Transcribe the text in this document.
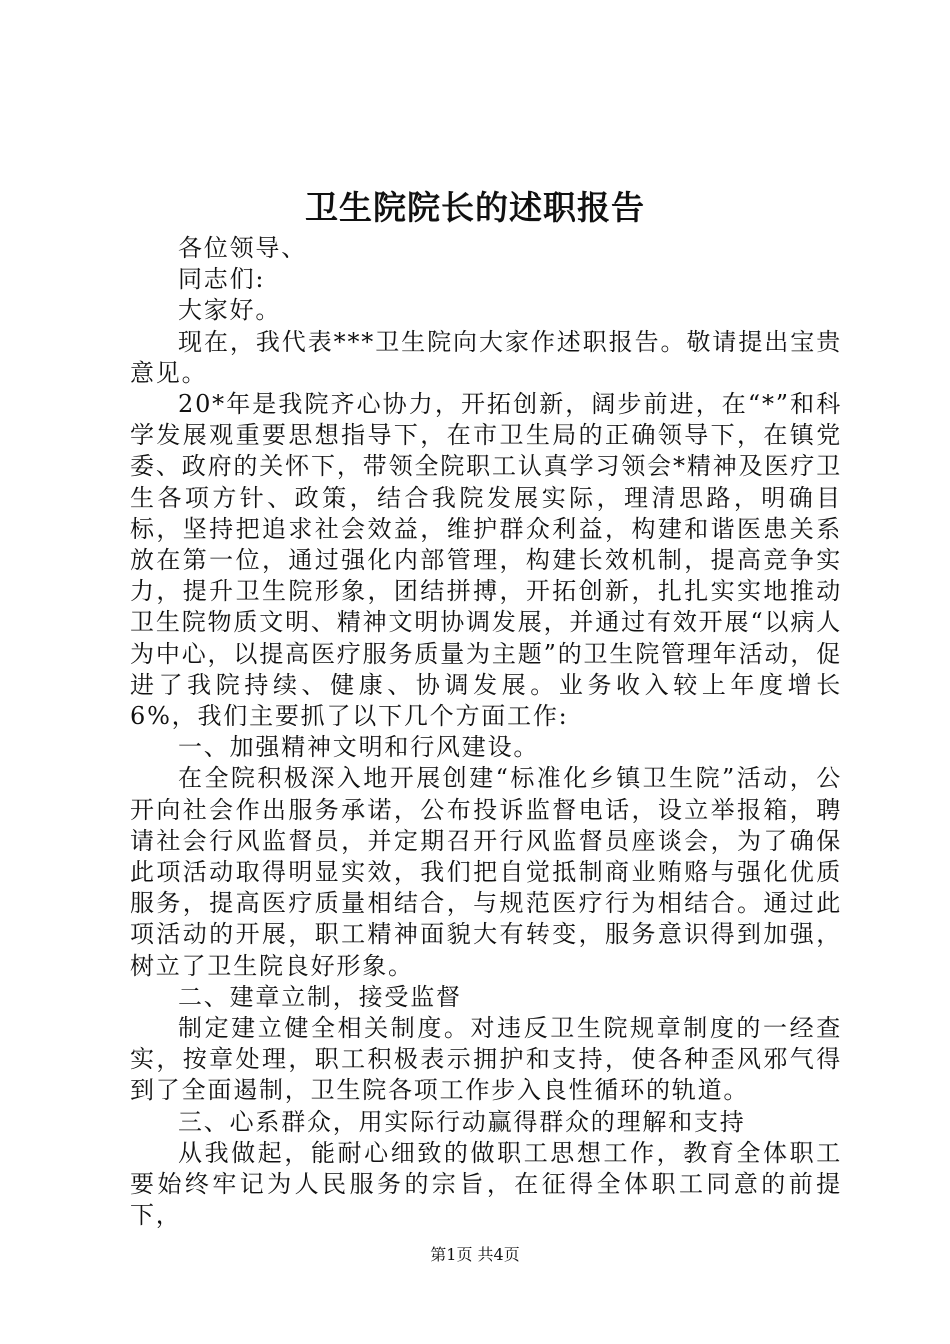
卫生院院长的述职报告

各位领导、

同志们:

大家好。

现在，我代表***卫生院向大家作述职报告。敬请提出宝贵意见。

20*年是我院齐心协力，开拓创新，阔步前进，在“*”和科学发展观重要思想指导下，在市卫生局的正确领导下，在镇党委、政府的关怀下，带领全院职工认真学习领会*精神及医疗卫生各项方针、政策，结合我院发展实际，理清思路，明确目标，坚持把追求社会效益，维护群众利益，构建和谐医患关系放在第一位，通过强化内部管理，构建长效机制，提高竞争实力，提升卫生院形象，团结拼搏，开拓创新，扎扎实实地推动卫生院物质文明、精神文明协调发展，并通过有效开展“以病人为中心，以提高医疗服务质量为主题”的卫生院管理年活动，促进了我院持续、健康、协调发展。业务收入较上年度增长6%，我们主要抓了以下几个方面工作:

一、加强精神文明和行风建设。

在全院积极深入地开展创建“标准化乡镇卫生院”活动，公开向社会作出服务承诺，公布投诉监督电话，设立举报箱，聘请社会行风监督员，并定期召开行风监督员座谈会，为了确保此项活动取得明显实效，我们把自觉抵制商业贿赂与强化优质服务，提高医疗质量相结合，与规范医疗行为相结合。通过此项活动的开展，职工精神面貌大有转变，服务意识得到加强，树立了卫生院良好形象。

二、建章立制，接受监督

制定建立健全相关制度。对违反卫生院规章制度的一经查实，按章处理，职工积极表示拥护和支持，使各种歪风邪气得到了全面遏制，卫生院各项工作步入良性循环的轨道。

三、心系群众，用实际行动赢得群众的理解和支持

从我做起，能耐心细致的做职工思想工作，教育全体职工要始终牢记为人民服务的宗旨，在征得全体职工同意的前提下，

第1页 共4页
